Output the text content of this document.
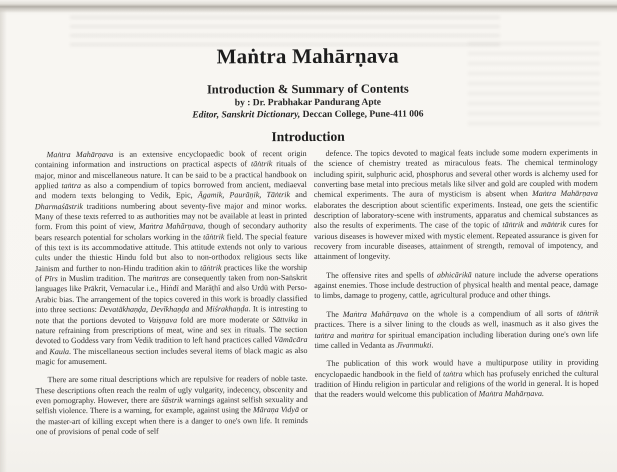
Maṅtra Mahārṇava
Introduction & Summary of Contents
by : Dr. Prabhakar Pandurang Apte
Editor, Sanskrit Dictionary, Deccan College, Pune-411 006
Introduction

Maṅtra Mahārṇava is an extensive encyclopaedic book of recent origin containing information and instructions on practical aspects of tāṅtrik rituals of major, minor and miscellaneous nature. It can be said to be a practical handbook on applied taṅtra as also a compendium of topics borrowed from ancient, mediaeval and modern texts belonging to Vedik, Epic, Āgamik, Paurāṇik, Tāṅtrik and Dharmaśāstrik traditions numbering about seventy-five major and minor works. Many of these texts referred to as authorities may not be available at least in printed form. From this point of view, Maṅtra Mahārṇava, though of secondary authority bears research potential for scholars working in the tāṅtrik field. The special feature of this text is its accommodative attitude. This attitude extends not only to various cults under the thiestic Hindu fold but also to non-orthodox religious sects like Jainism and further to non-Hindu tradition akin to tāṅtrik practices like the worship of Pīrs in Muslim tradition. The maṅtras are consequently taken from non-Saṅskrit languages like Prākrit, Vernacular i.e., Hiṅdī and Marāṭhī and also Urdū with Perso-Arabic bias. The arrangement of the topics covered in this work is broadly classified into three sections: Devatākhaṇḍa, Devīkhaṇḍa and Miśrakhaṇḍa. It is intresting to note that the portions devoted to Vaiṣṇava fold are more moderate or Sāttvika in nature refraining from prescriptions of meat, wine and sex in rituals. The section devoted to Goddess vary from Vedik tradition to left hand practices called Vāmācāra and Kaula. The miscellaneous section includes several items of black magic as also magic for amusement.

There are some ritual descriptions which are repulsive for readers of noble taste. These descriptions often reach the realm of ugly vulgarity, indecency, obscenity and even pornography. However, there are śāstrik warnings against selfish sexuality and selfish violence. There is a warning, for example, against using the Māraṇa Vidyā or the master-art of killing except when there is a danger to one's own life. It reminds one of provisions of penal code of self

defence. The topics devoted to magical feats include some modern experiments in the science of chemistry treated as miraculous feats. The chemical terminology including spirit, sulphuric acid, phosphorus and several other words is alchemy used for converting base metal into precious metals like silver and gold are coupled with modern chemical experiments. The aura of mysticism is absent when Maṅtra Mahārṇava elaborates the description about scientific experiments. Instead, one gets the scientific description of laboratory-scene with instruments, apparatus and chemical substances as also the results of experiments. The case of the topic of tāṅtrik and māṅtrik cures for various diseases is however mixed with mystic element. Repeated assurance is given for recovery from incurable diseases, attainment of strength, removal of impotency, and attainment of longevity.

The offensive rites and spells of abhicārikā nature include the adverse operations against enemies. Those include destruction of physical health and mental peace, damage to limbs, damage to progeny, cattle, agricultural produce and other things.

The Maṅtra Mahārṇava on the whole is a compendium of all sorts of tāṅtrik practices. There is a silver lining to the clouds as well, inasmuch as it also gives the taṅtra and maṅtra for spiritual emancipation including liberation during one's own life time called in Vedanta as Jīvanmukti.

The publication of this work would have a multipurpose utility in providing encyclopaedic handbook in the field of taṅtra which has profusely enriched the cultural tradition of Hindu religion in particular and religions of the world in general. It is hoped that the readers would welcome this publication of Maṅtra Mahārṇava.
